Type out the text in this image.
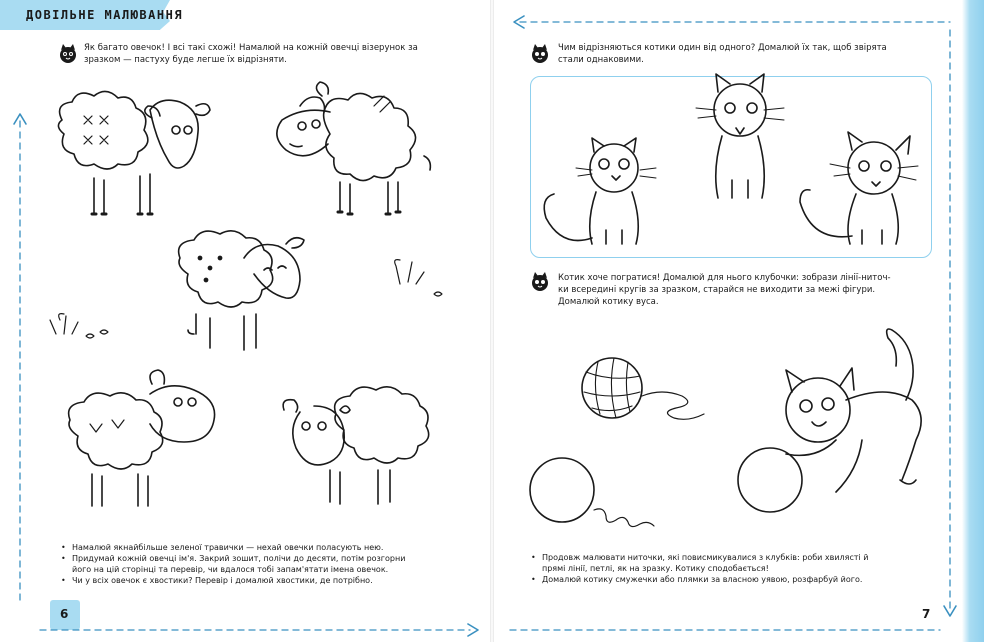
ДОВІЛЬНЕ МАЛЮВАННЯ
Як багато овечок! І всі такі схожі! Намалюй на кожній овечці візерунок за
зразком — пастуху буде легше їх відрізняти.
• Намалюй якнайбільше зеленої травички — нехай овечки поласують нею.
• Придумай кожній овечці ім'я. Закрий зошит, полічи до десяти, потім розгорни
його на цій сторінці та перевір, чи вдалося тобі запам'ятати імена овечок.
• Чи у всіх овечок є хвостики? Перевір і домалюй хвостики, де потрібно.
6
Чим відрізняються котики один від одного? Домалюй їх так, щоб звірята
стали однаковими.
Котик хоче погратися! Домалюй для нього клубочки: зобрази лінії-ниточ-
ки всередині кругів за зразком, старайся не виходити за межі фігури.
Домалюй котику вуса.
• Продовж малювати ниточки, які повисмикувалися з клубків: роби хвилясті й
прямі лінії, петлі, як на зразку. Котику сподобається!
• Домалюй котику смужечки або плямки за власною уявою, розфарбуй його.
7
